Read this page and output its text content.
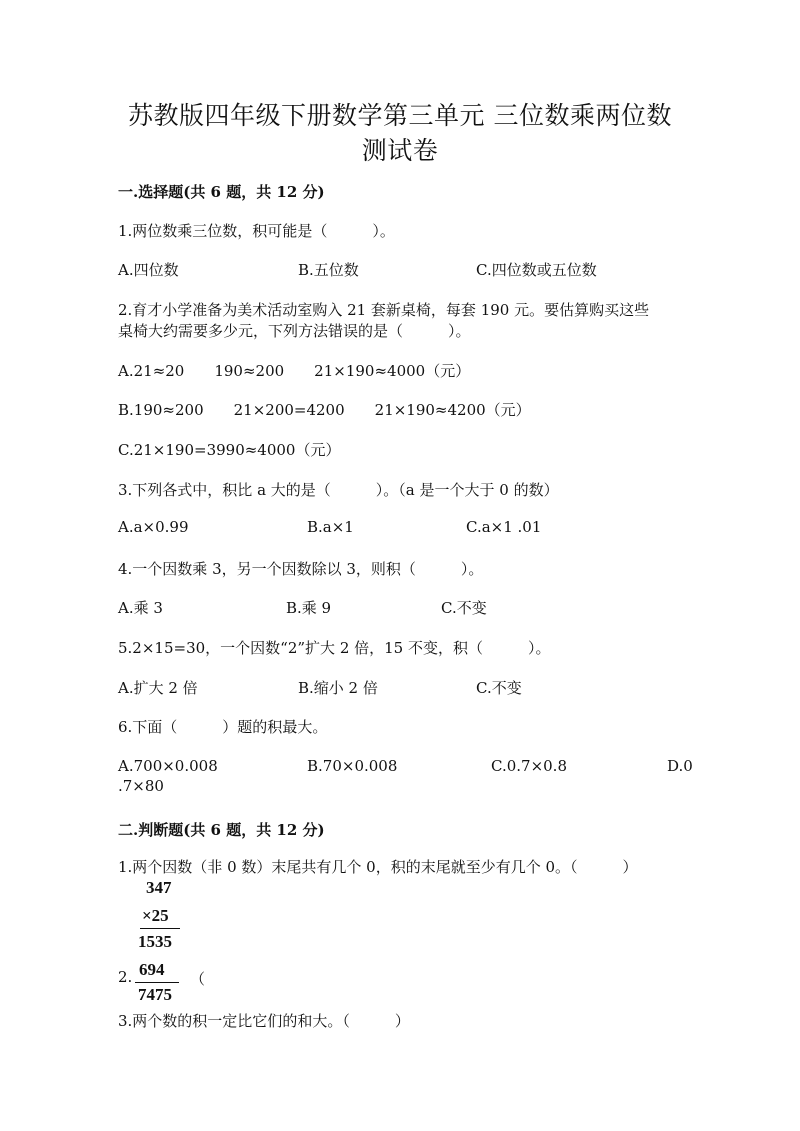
苏教版四年级下册数学第三单元 三位数乘两位数
测试卷
一.选择题(共 6 题，共 12 分)
1.两位数乘三位数，积可能是（　　　）。
A.四位数	B.五位数	C.四位数或五位数
2.育才小学准备为美术活动室购入 21 套新桌椅，每套 190 元。要估算购买这些
桌椅大约需要多少元，下列方法错误的是（　　　）。
A.21≈20　　190≈200　　21×190≈4000（元）
B.190≈200　　21×200=4200　　21×190≈4200（元）
C.21×190=3990≈4000（元）
3.下列各式中，积比 a 大的是（　　　）。（a 是一个大于 0 的数）
A.a×0.99	B.a×1	C.a×1 .01
4.一个因数乘 3，另一个因数除以 3，则积（　　　）。
A.乘 3	B.乘 9	C.不变
5.2×15=30，一个因数“2”扩大 2 倍，15 不变，积（　　　）。
A.扩大 2 倍	B.缩小 2 倍	C.不变
6.下面（　　　）题的积最大。
A.700×0.008	B.70×0.008	C.0.7×0.8	D.0
.7×80
二.判断题(共 6 题，共 12 分)
1.两个因数（非 0 数）末尾共有几个 0，积的末尾就至少有几个 0。（　　　）
347
×25
1535
2. 694
7475
（
3.两个数的积一定比它们的和大。（　　　）
